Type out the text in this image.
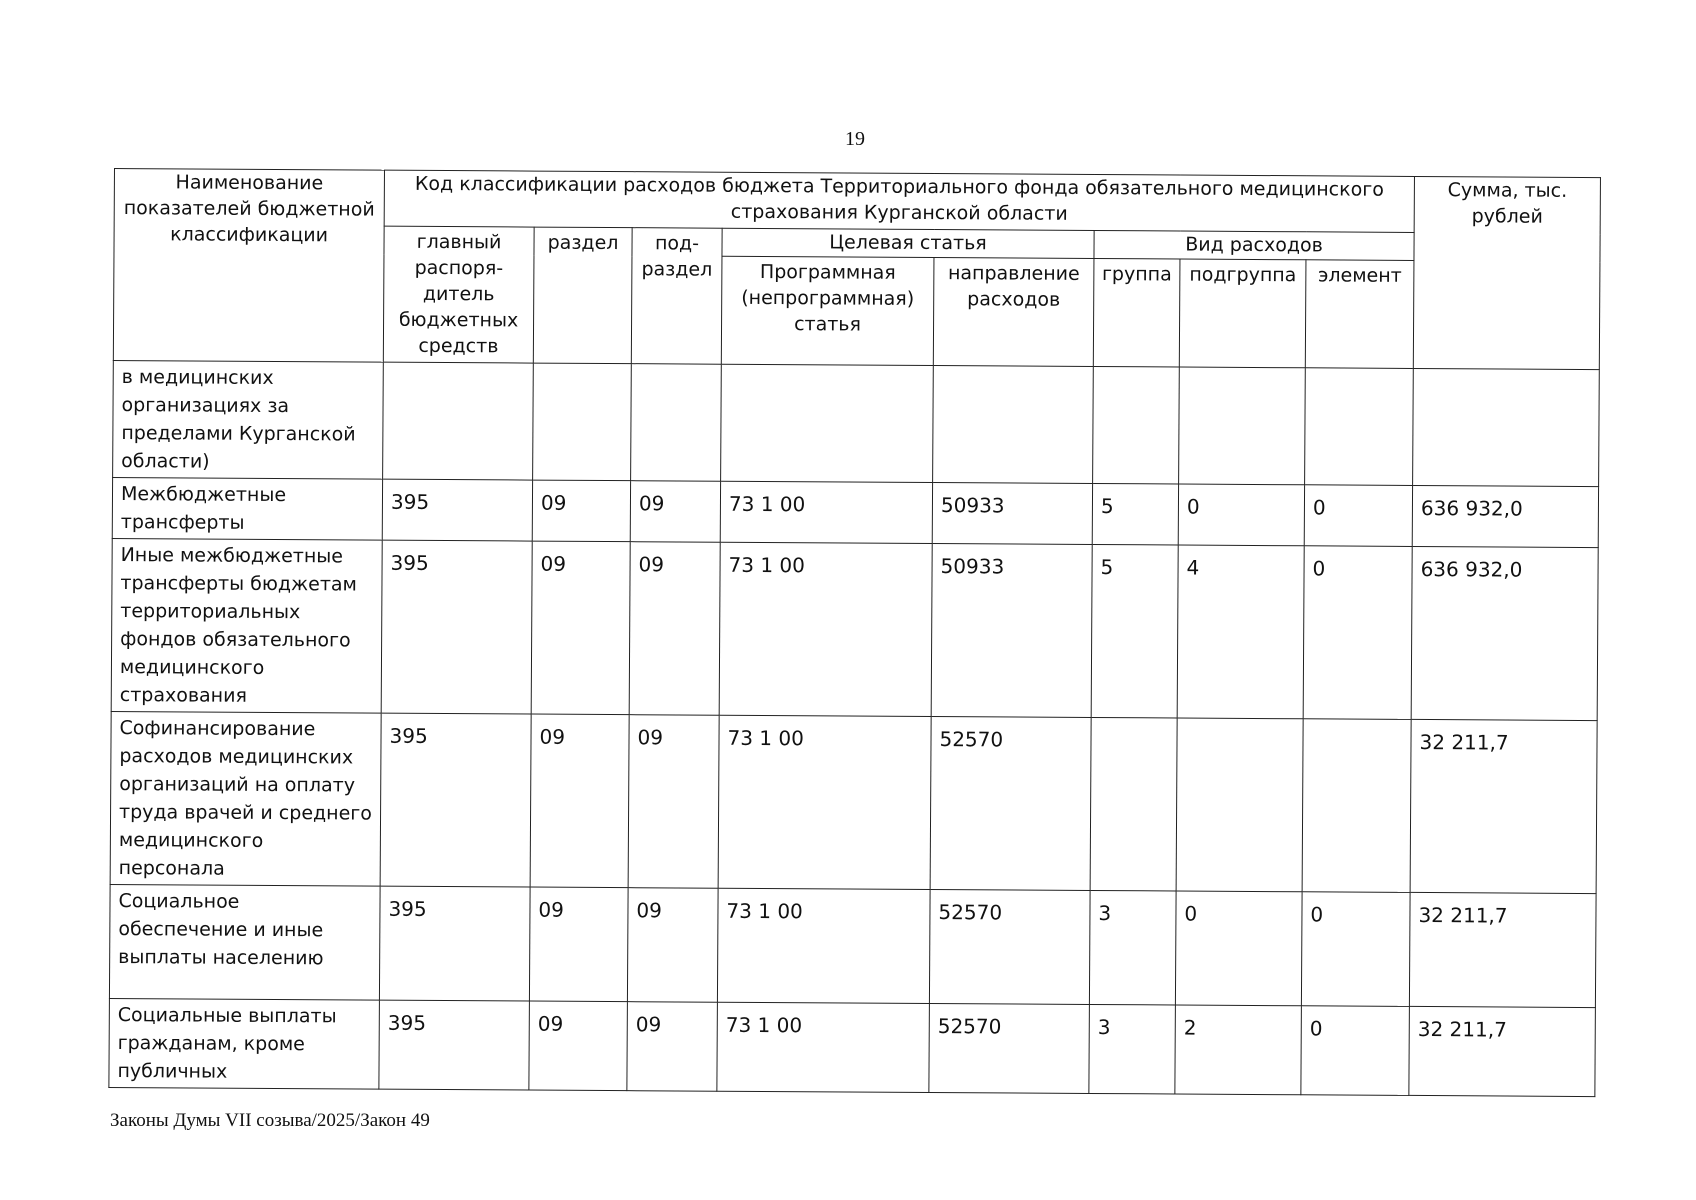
19
Наименование показателей бюджетной классификации	Код классификации расходов бюджета Территориального фонда обязательного медицинского страхования Курганской области								Сумма, тыс. рублей
	главный распоря-дитель бюджетных средств	раздел	под-раздел	Целевая статья		Вид расходов			
				Программная (непрограммная) статья	направление расходов	группа	подгруппа	элемент	
в медицинских организациях за пределами Курганской области)									
Межбюджетные трансферты	395	09	09	73 1 00	50933	5	0	0	636 932,0
Иные межбюджетные трансферты бюджетам территориальных фондов обязательного медицинского страхования	395	09	09	73 1 00	50933	5	4	0	636 932,0
Софинансирование расходов медицинских организаций на оплату труда врачей и среднего медицинского персонала	395	09	09	73 1 00	52570				32 211,7
Социальное обеспечение и иные выплаты населению	395	09	09	73 1 00	52570	3	0	0	32 211,7
Социальные выплаты гражданам, кроме публичных	395	09	09	73 1 00	52570	3	2	0	32 211,7
Законы Думы VII созыва/2025/Закон 49
